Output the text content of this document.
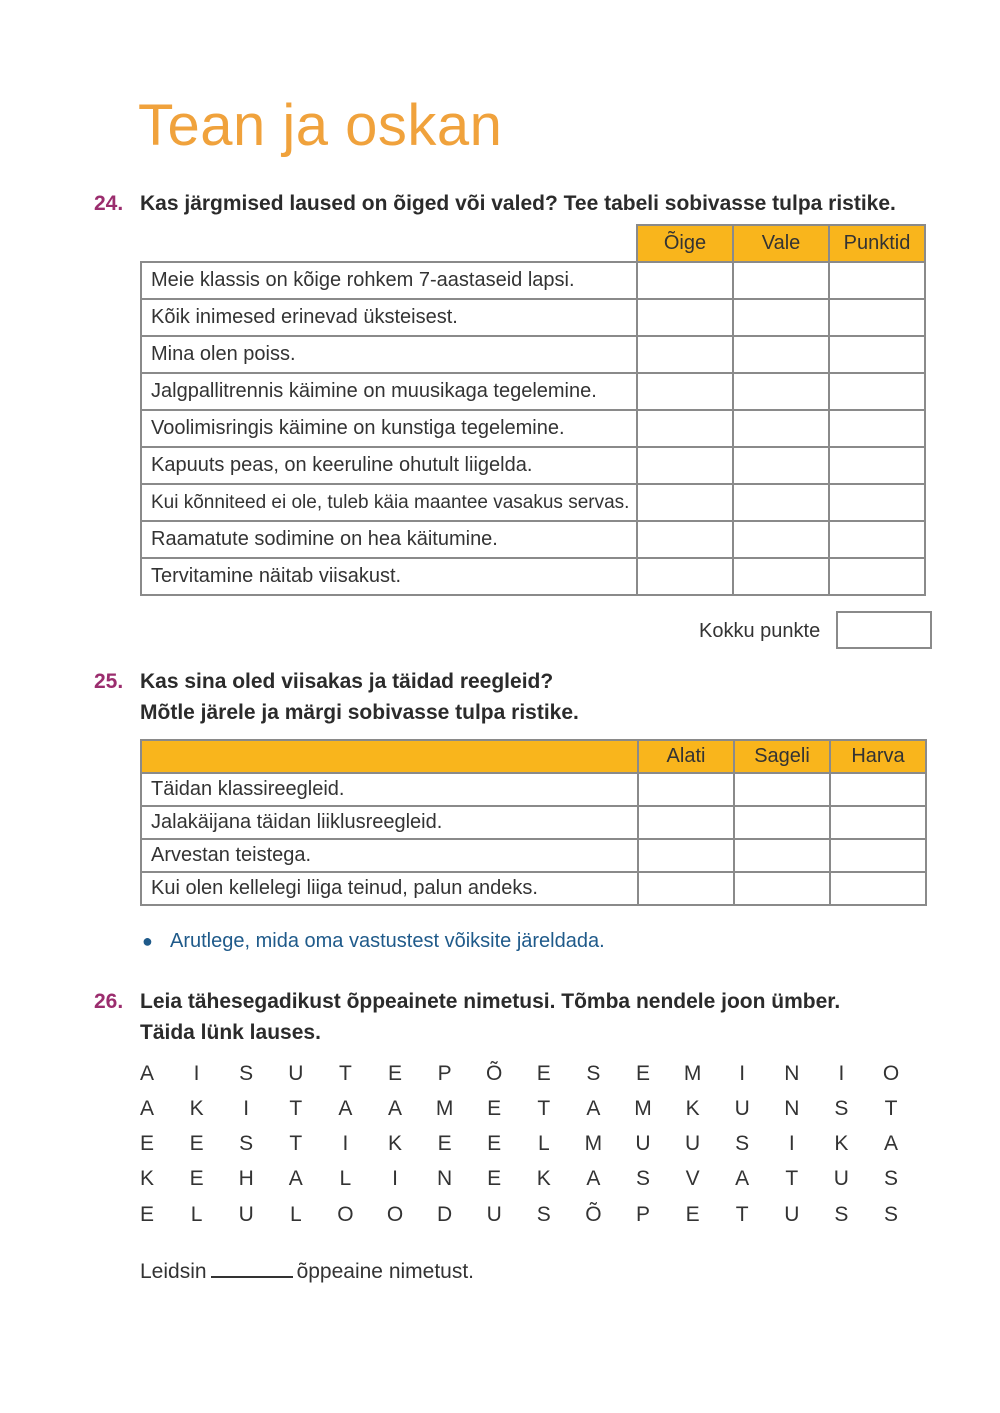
Tean ja oskan
24. Kas järgmised laused on õiged või valed? Tee tabeli sobivasse tulpa ristike.
	Õige	Vale	Punktid
Meie klassis on kõige rohkem 7-aastaseid lapsi.			
Kõik inimesed erinevad üksteisest.			
Mina olen poiss.			
Jalgpallitrennis käimine on muusikaga tegelemine.			
Voolimisringis käimine on kunstiga tegelemine.			
Kapuuts peas, on keeruline ohutult liigelda.			
Kui kõnniteed ei ole, tuleb käia maantee vasakus servas.			
Raamatute sodimine on hea käitumine.			
Tervitamine näitab viisakust.			
Kokku punkte
25. Kas sina oled viisakas ja täidad reegleid?
Mõtle järele ja märgi sobivasse tulpa ristike.
	Alati	Sageli	Harva
Täidan klassireegleid.			
Jalakäijana täidan liiklusreegleid.			
Arvestan teistega.			
Kui olen kellelegi liiga teinud, palun andeks.			
● Arutlege, mida oma vastustest võiksite järeldada.
26. Leia tähesegadikust õppeainete nimetusi. Tõmba nendele joon ümber.
Täida lünk lauses.
A	I	S U T E P Õ E S E M	I	N	I	O
A K	I	T A A M E T A M K U N S T
E E S T	I	K E E L M U U S	I	K A
K E H A L	I	N E K A S V A T U S
E L U L O O D U S Õ P E T U S S
Leidsin	õppeaine nimetust.
